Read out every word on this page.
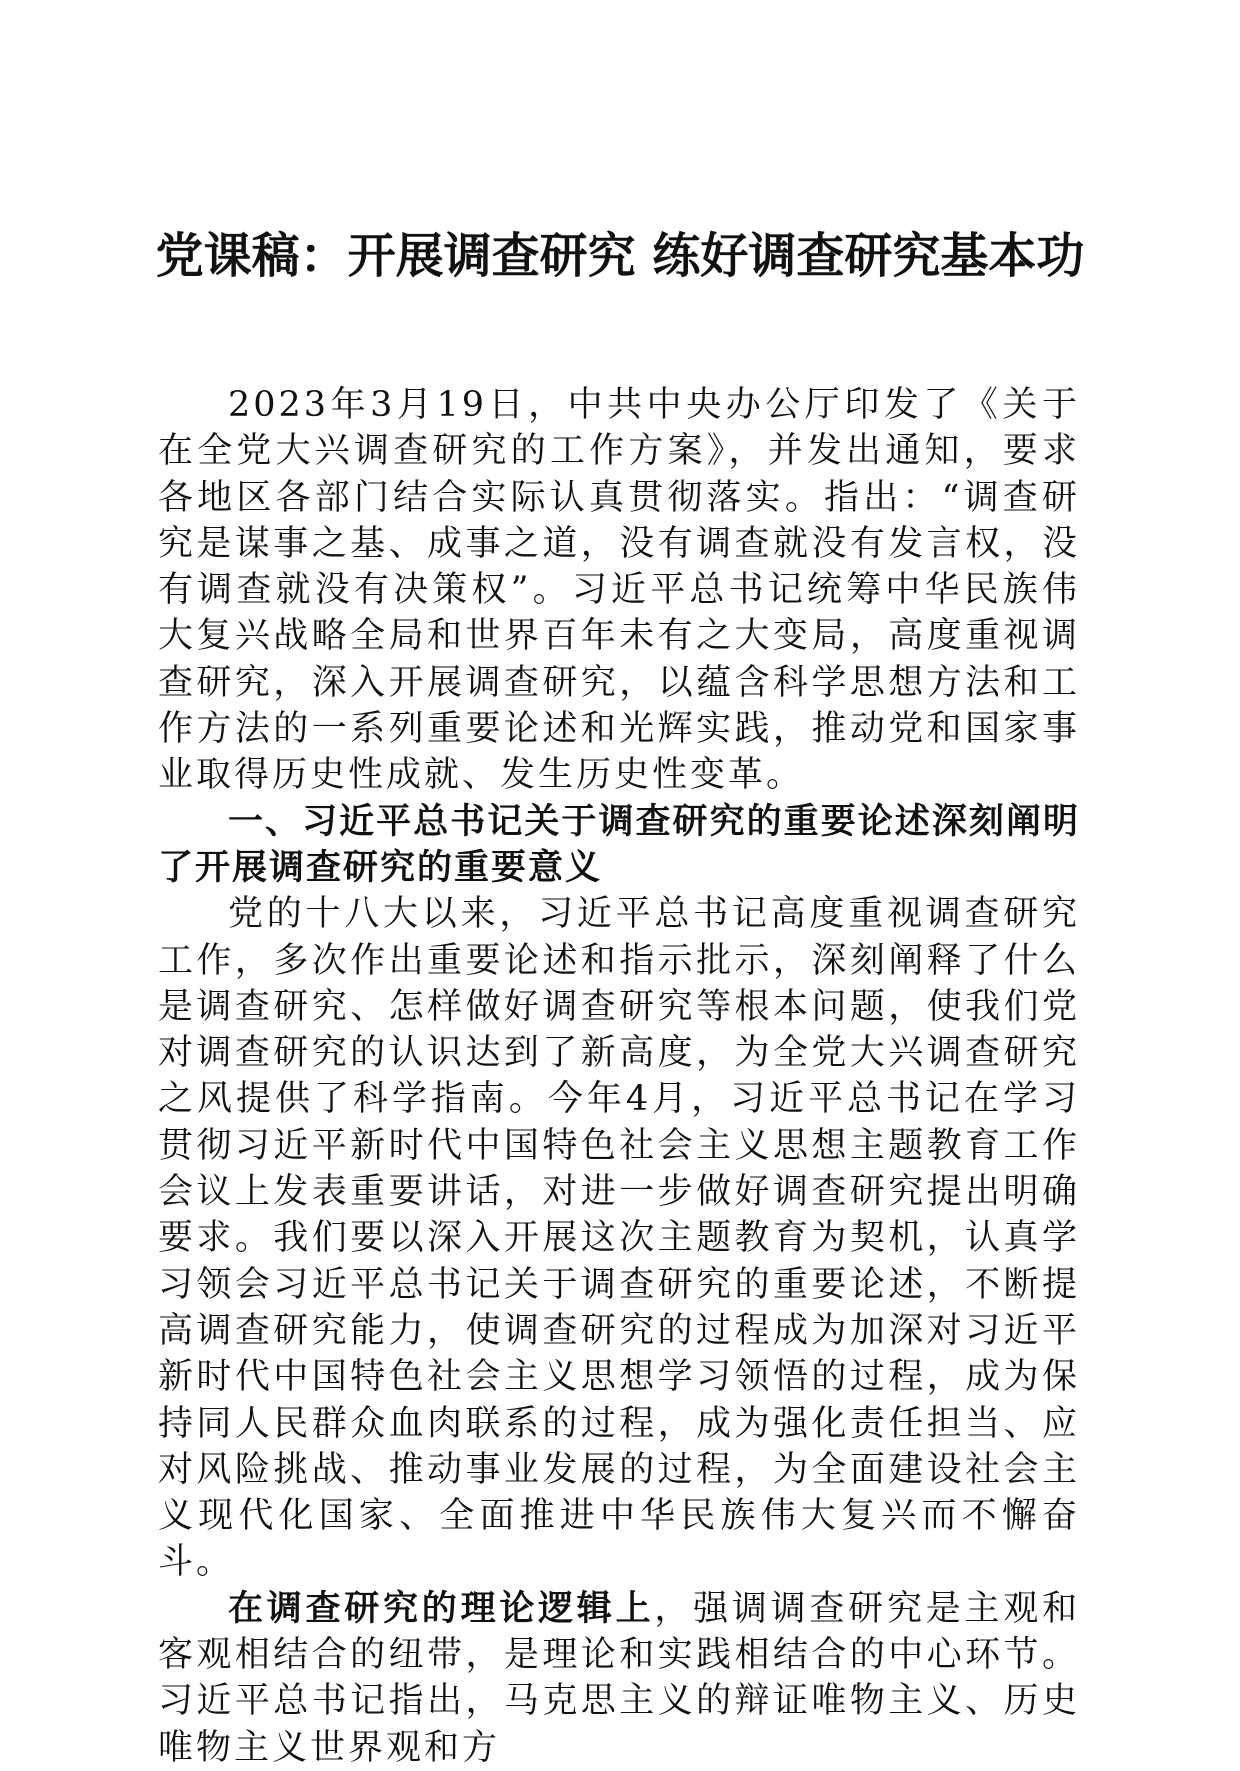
党课稿：开展调查研究 练好调查研究基本功

2023年3月19日，中共中央办公厅印发了《关于在全党大兴调查研究的工作方案》，并发出通知，要求各地区各部门结合实际认真贯彻落实。指出：“调查研究是谋事之基、成事之道，没有调查就没有发言权，没有调查就没有决策权”。习近平总书记统筹中华民族伟大复兴战略全局和世界百年未有之大变局，高度重视调查研究，深入开展调查研究，以蕴含科学思想方法和工作方法的一系列重要论述和光辉实践，推动党和国家事业取得历史性成就、发生历史性变革。

一、习近平总书记关于调查研究的重要论述深刻阐明了开展调查研究的重要意义

党的十八大以来，习近平总书记高度重视调查研究工作，多次作出重要论述和指示批示，深刻阐释了什么是调查研究、怎样做好调查研究等根本问题，使我们党对调查研究的认识达到了新高度，为全党大兴调查研究之风提供了科学指南。今年4月，习近平总书记在学习贯彻习近平新时代中国特色社会主义思想主题教育工作会议上发表重要讲话，对进一步做好调查研究提出明确要求。我们要以深入开展这次主题教育为契机，认真学习领会习近平总书记关于调查研究的重要论述，不断提高调查研究能力，使调查研究的过程成为加深对习近平新时代中国特色社会主义思想学习领悟的过程，成为保持同人民群众血肉联系的过程，成为强化责任担当、应对风险挑战、推动事业发展的过程，为全面建设社会主义现代化国家、全面推进中华民族伟大复兴而不懈奋斗。

在调查研究的理论逻辑上，强调调查研究是主观和客观相结合的纽带，是理论和实践相结合的中心环节。习近平总书记指出，马克思主义的辩证唯物主义、历史唯物主义世界观和方
